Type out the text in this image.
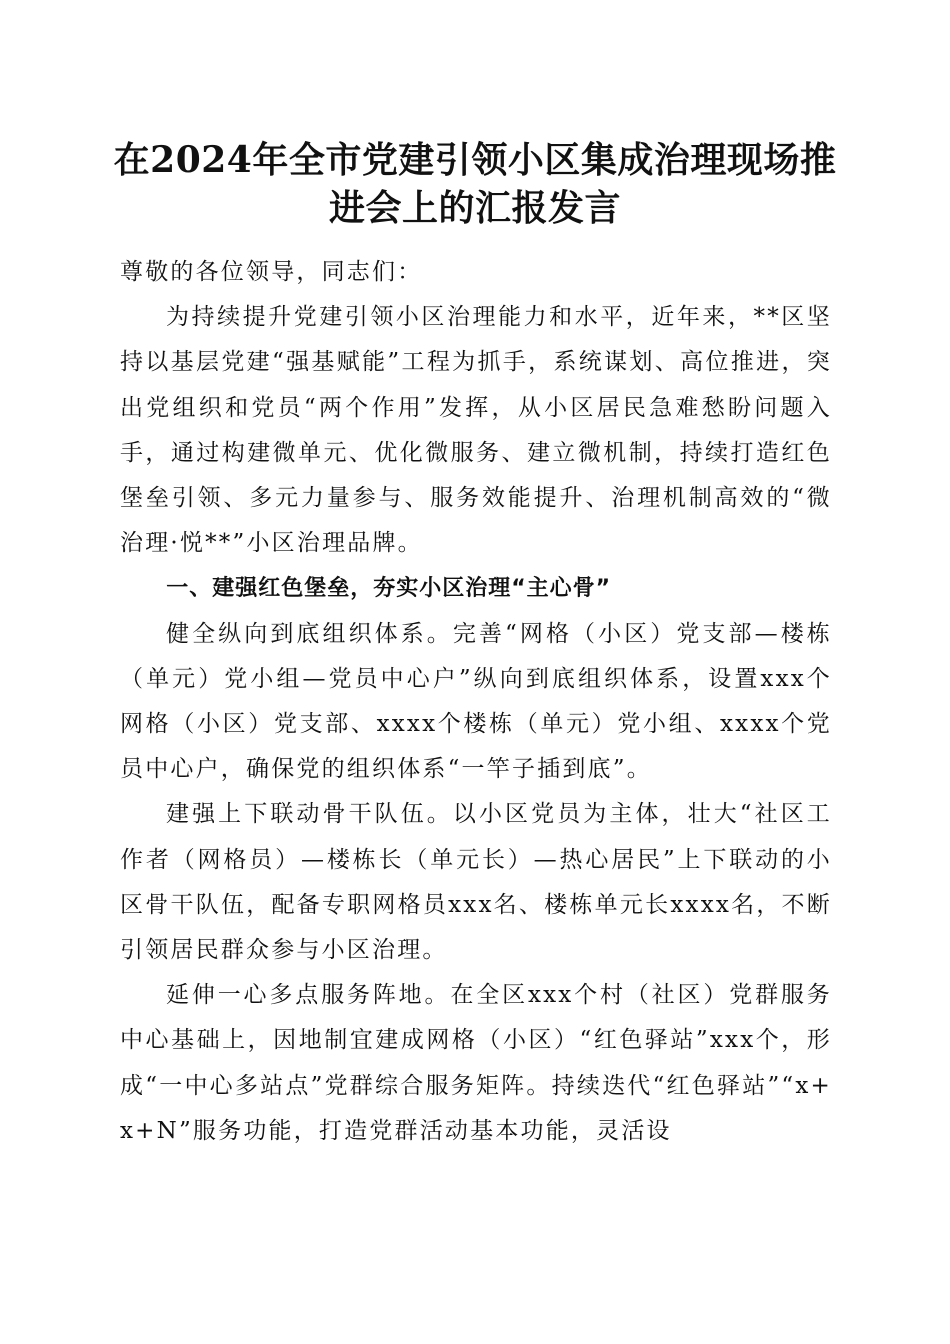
在2024年全市党建引领小区集成治理现场推进会上的汇报发言

尊敬的各位领导，同志们：

为持续提升党建引领小区治理能力和水平，近年来，**区坚持以基层党建“强基赋能”工程为抓手，系统谋划、高位推进，突出党组织和党员“两个作用”发挥，从小区居民急难愁盼问题入手，通过构建微单元、优化微服务、建立微机制，持续打造红色堡垒引领、多元力量参与、服务效能提升、治理机制高效的“微治理·悦**”小区治理品牌。

一、建强红色堡垒，夯实小区治理“主心骨”

健全纵向到底组织体系。完善“网格（小区）党支部—楼栋（单元）党小组—党员中心户”纵向到底组织体系，设置xxx个网格（小区）党支部、xxxx个楼栋（单元）党小组、xxxx个党员中心户，确保党的组织体系“一竿子插到底”。

建强上下联动骨干队伍。以小区党员为主体，壮大“社区工作者（网格员）—楼栋长（单元长）—热心居民”上下联动的小区骨干队伍，配备专职网格员xxx名、楼栋单元长xxxx名，不断引领居民群众参与小区治理。

延伸一心多点服务阵地。在全区xxx个村（社区）党群服务中心基础上，因地制宜建成网格（小区）“红色驿站”xxx个，形成“一中心多站点”党群综合服务矩阵。持续迭代“红色驿站”“x+x+N”服务功能，打造党群活动基本功能，灵活设
